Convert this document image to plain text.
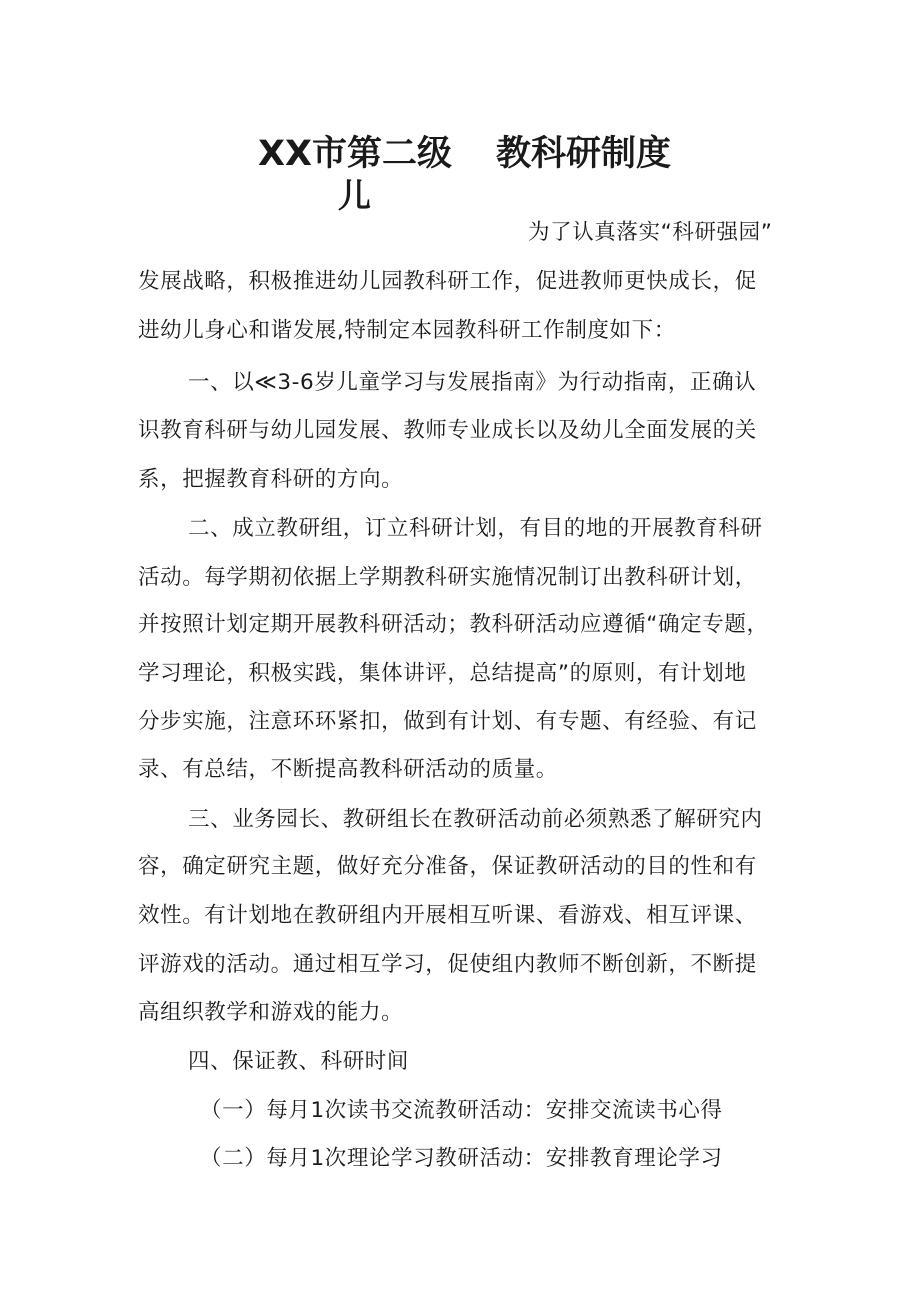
XX市第二级 教科研制度
儿
为了认真落实“科研强园”
发展战略，积极推进幼儿园教科研工作，促进教师更快成长，促
进幼儿身心和谐发展,特制定本园教科研工作制度如下：
一、以≪3-6岁儿童学习与发展指南》为行动指南，正确认
识教育科研与幼儿园发展、教师专业成长以及幼儿全面发展的关
系，把握教育科研的方向。
二、成立教研组，订立科研计划，有目的地的开展教育科研
活动。每学期初依据上学期教科研实施情况制订出教科研计划，
并按照计划定期开展教科研活动；教科研活动应遵循“确定专题，
学习理论，积极实践，集体讲评，总结提高”的原则，有计划地
分步实施，注意环环紧扣，做到有计划、有专题、有经验、有记
录、有总结，不断提高教科研活动的质量。
三、业务园长、教研组长在教研活动前必须熟悉了解研究内
容，确定研究主题，做好充分准备，保证教研活动的目的性和有
效性。有计划地在教研组内开展相互听课、看游戏、相互评课、
评游戏的活动。通过相互学习，促使组内教师不断创新，不断提
高组织教学和游戏的能力。
四、保证教、科研时间
（一）每月1次读书交流教研活动：安排交流读书心得
（二）每月1次理论学习教研活动：安排教育理论学习
